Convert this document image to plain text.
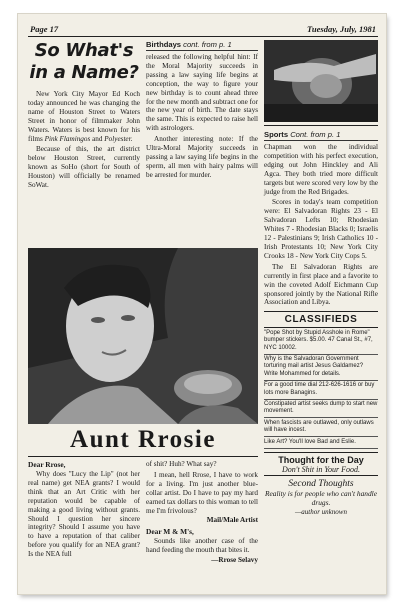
Page 17	Tuesday, July, 1981
So What's
in a Name?

New York City Mayor Ed Koch today announced he was changing the name of Houston Street to Waters Street in honor of filmmaker John Waters. Waters is best known for his films Pink Flamingos and Polyester.

Because of this, the art district below Houston Street, currently known as SoHo (short for South of Houston) will officially be renamed SoWat.

Birthdays cont. from p. 1

released the following helpful hint: If the Moral Majority succeeds in passing a law saying life begins at conception, the way to figure your new birthday is to count ahead three for the new month and subtract one for the new year of birth. The date stays the same. This is expected to raise hell with astrologers.

Another interesting note: If the Ultra-Moral Majority succeeds in passing a law saying life begins in the sperm, all men with hairy palms will be arrested for murder.

Sports Cont. from p. 1

Chapman won the individual competition with his perfect execution, edging out John Hinckley and Ali Agca. They both tried more difficult targets but were scored very low by the judge from the Red Brigades.

Scores in today's team competition were: El Salvadoran Rights 23 - El Salvadoran Lefts 10; Rhodesian Whites 7 - Rhodesian Blacks 0; Israelis 12 - Palestinians 9; Irish Catholics 10 - Irish Protestants 10; New York City Crooks 18 - New York City Cops 5.

The El Salvadoran Rights are currently in first place and a favorite to win the coveted Adolf Eichmann Cup sponsored jointly by the National Rifle Association and Libya.

CLASSIFIEDS
"Pope Shot by Stupid Asshole in Rome" bumper stickers. $5.00. 47 Canal St., #7, NYC 10002.
Why is the Salvadoran Government torturing mail artist Jesus Galdamez? Write Mohammed for details.
For a good time dial 212-626-1616 or buy lots more Banagins.
Constipated artist seeks dump to start new movement.
When fascists are outlawed, only outlaws will have incest.
Like Art? You'll love Bad and Eslie.
Thought for the Day
Don't Shit in Your Food.
Second Thoughts
Reality is for people who can't handle drugs.
—author unknown
Aunt Rrosie
Dear Rrose,

Why does "Lucy the Lip" (not her real name) get NEA grants? I would think that an Art Critic with her reputation would be capable of making a good living without grants. Should I question her sincere integrity? Should I assume you have to have a reputation of that caliber before you qualify for an NEA grant? Is the NEA full

of shit? Huh? What say?

I mean, hell Rrose, I have to work for a living. I'm just another blue-collar artist. Do I have to pay my hard earned tax dollars to this woman to tell me I'm frivolous?

Mail/Male Artist
Dear M & M's,

Sounds like another case of the hand feeding the mouth that bites it.

—Rrose Selavy
